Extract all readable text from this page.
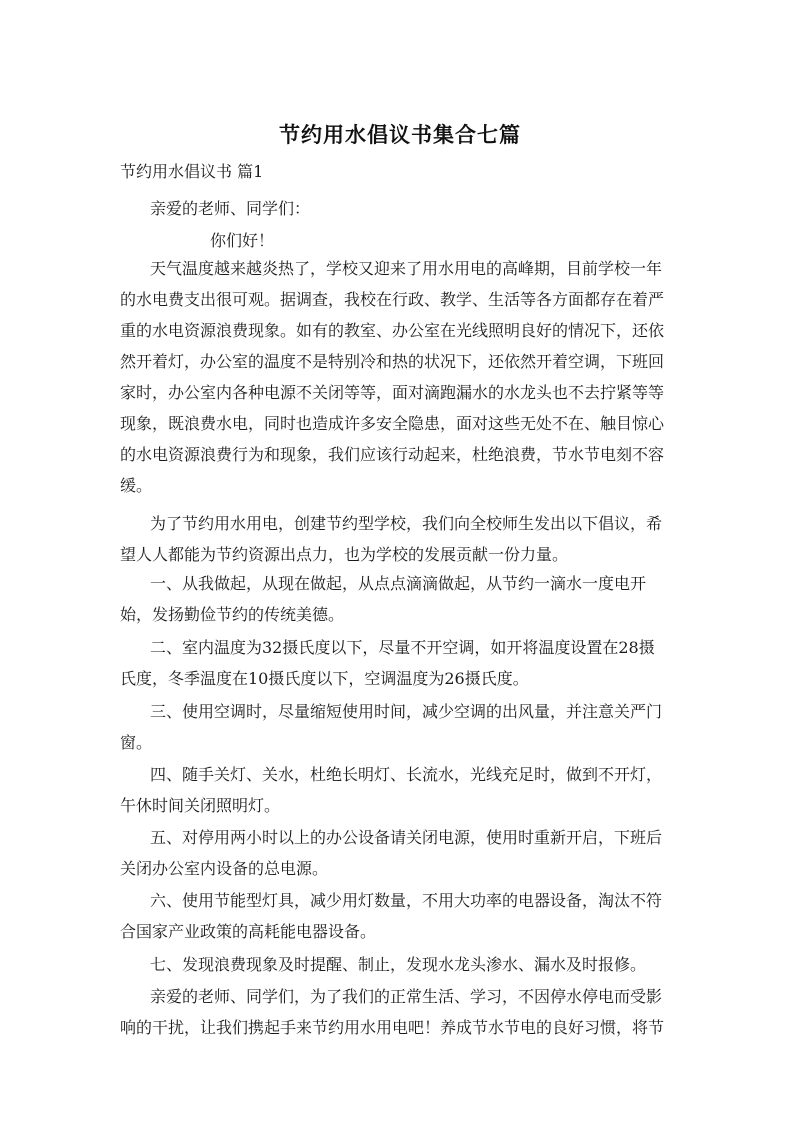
节约用水倡议书集合七篇
节约用水倡议书 篇1
亲爱的老师、同学们：
你们好！
天气温度越来越炎热了，学校又迎来了用水用电的高峰期，目前学校一年
的水电费支出很可观。据调查，我校在行政、教学、生活等各方面都存在着严
重的水电资源浪费现象。如有的教室、办公室在光线照明良好的情况下，还依
然开着灯，办公室的温度不是特别冷和热的状况下，还依然开着空调，下班回
家时，办公室内各种电源不关闭等等，面对滴跑漏水的水龙头也不去拧紧等等
现象，既浪费水电，同时也造成许多安全隐患，面对这些无处不在、触目惊心
的水电资源浪费行为和现象，我们应该行动起来，杜绝浪费，节水节电刻不容
缓。
为了节约用水用电，创建节约型学校，我们向全校师生发出以下倡议，希
望人人都能为节约资源出点力，也为学校的发展贡献一份力量。
一、从我做起，从现在做起，从点点滴滴做起，从节约一滴水一度电开
始，发扬勤俭节约的传统美德。
二、室内温度为32摄氏度以下，尽量不开空调，如开将温度设置在28摄
氏度，冬季温度在10摄氏度以下，空调温度为26摄氏度。
三、使用空调时，尽量缩短使用时间，减少空调的出风量，并注意关严门
窗。
四、随手关灯、关水，杜绝长明灯、长流水，光线充足时，做到不开灯，
午休时间关闭照明灯。
五、对停用两小时以上的办公设备请关闭电源，使用时重新开启，下班后
关闭办公室内设备的总电源。
六、使用节能型灯具，减少用灯数量，不用大功率的电器设备，淘汰不符
合国家产业政策的高耗能电器设备。
七、发现浪费现象及时提醒、制止，发现水龙头渗水、漏水及时报修。
亲爱的老师、同学们，为了我们的正常生活、学习，不因停水停电而受影
响的干扰，让我们携起手来节约用水用电吧！养成节水节电的良好习惯，将节
